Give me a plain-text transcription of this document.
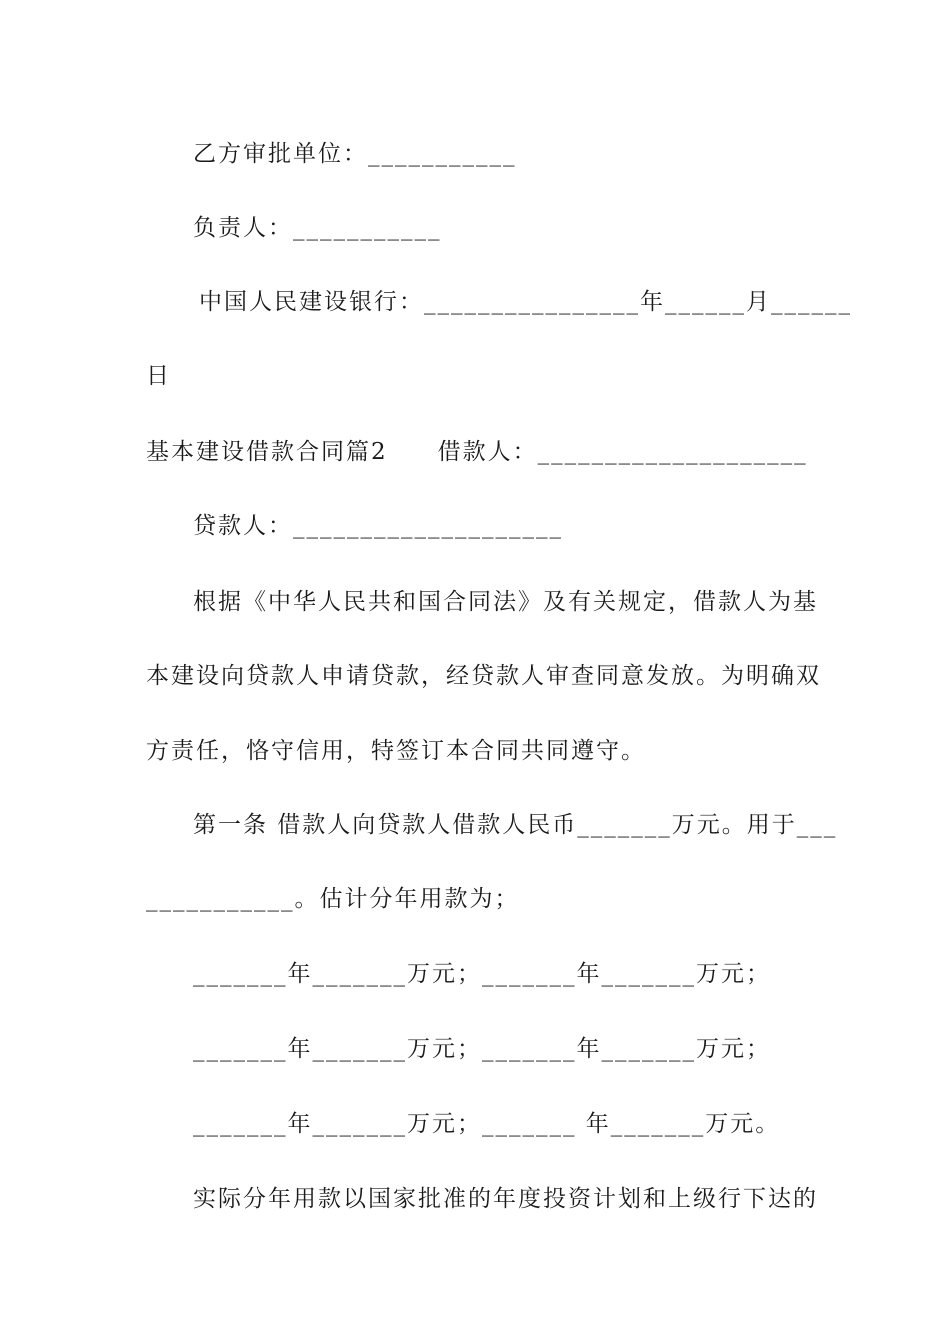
乙方审批单位：___________
负责人：___________
中国人民建设银行：________________年______月______
日
基本建设借款合同篇2　　借款人：____________________
贷款人：____________________
根据《中华人民共和国合同法》及有关规定，借款人为基
本建设向贷款人申请贷款，经贷款人审查同意发放。为明确双
方责任，恪守信用，特签订本合同共同遵守。
第一条 借款人向贷款人借款人民币_______万元。用于___
___________。估计分年用款为；
_______年_______万元；_______年_______万元；
_______年_______万元；_______年_______万元；
_______年_______万元；_______ 年_______万元。
实际分年用款以国家批准的年度投资计划和上级行下达的
